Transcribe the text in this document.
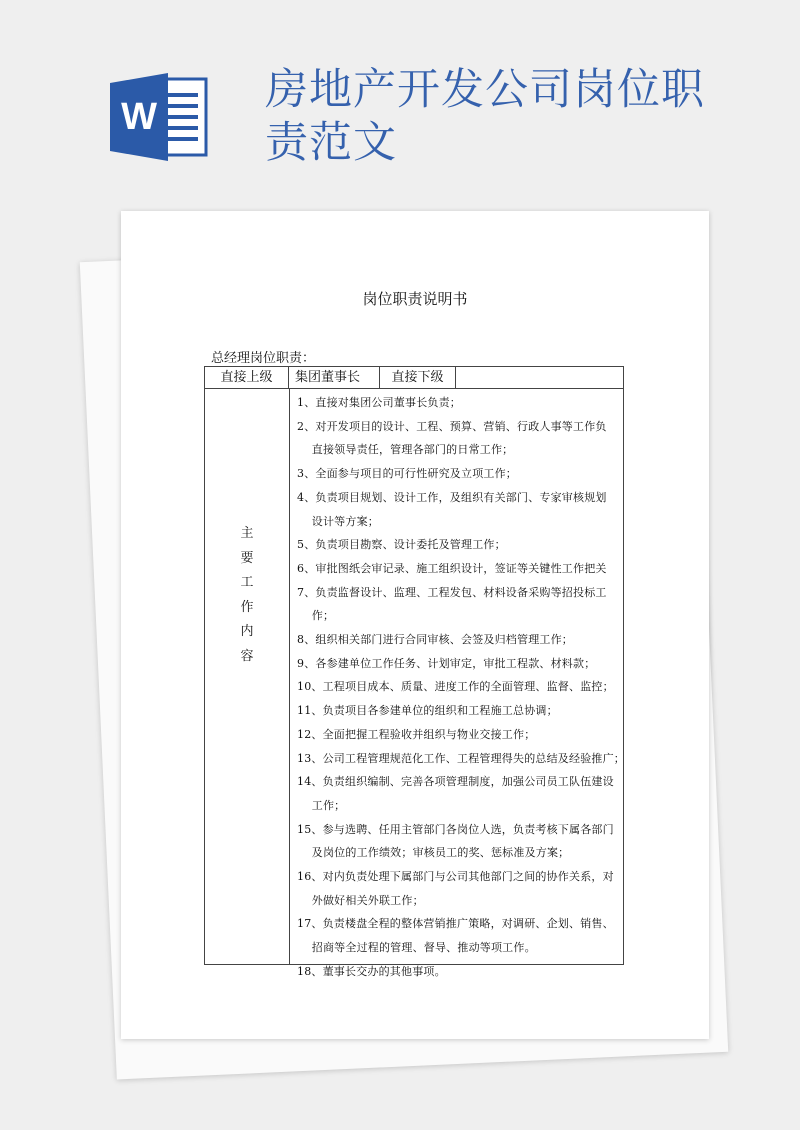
W
房地产开发公司岗位职责范文
岗位职责说明书
总经理岗位职责：
直接上级	集团董事长	直接下级
主
要
工
作
内
容
1、直接对集团公司董事长负责；
2、对开发项目的设计、工程、预算、营销、行政人事等工作负
直接领导责任，管理各部门的日常工作；
3、全面参与项目的可行性研究及立项工作；
4、负责项目规划、设计工作，及组织有关部门、专家审核规划
设计等方案；
5、负责项目勘察、设计委托及管理工作；
6、审批图纸会审记录、施工组织设计，签证等关键性工作把关
7、负责监督设计、监理、工程发包、材料设备采购等招投标工
作；
8、组织相关部门进行合同审核、会签及归档管理工作；
9、各参建单位工作任务、计划审定，审批工程款、材料款；
10、工程项目成本、质量、进度工作的全面管理、监督、监控；
11、负责项目各参建单位的组织和工程施工总协调；
12、全面把握工程验收并组织与物业交接工作；
13、公司工程管理规范化工作、工程管理得失的总结及经验推广；
14、负责组织编制、完善各项管理制度，加强公司员工队伍建设
工作；
15、参与选聘、任用主管部门各岗位人选，负责考核下属各部门
及岗位的工作绩效；审核员工的奖、惩标准及方案；
16、对内负责处理下属部门与公司其他部门之间的协作关系，对
外做好相关外联工作；
17、负责楼盘全程的整体营销推广策略，对调研、企划、销售、
招商等全过程的管理、督导、推动等项工作。
18、董事长交办的其他事项。
